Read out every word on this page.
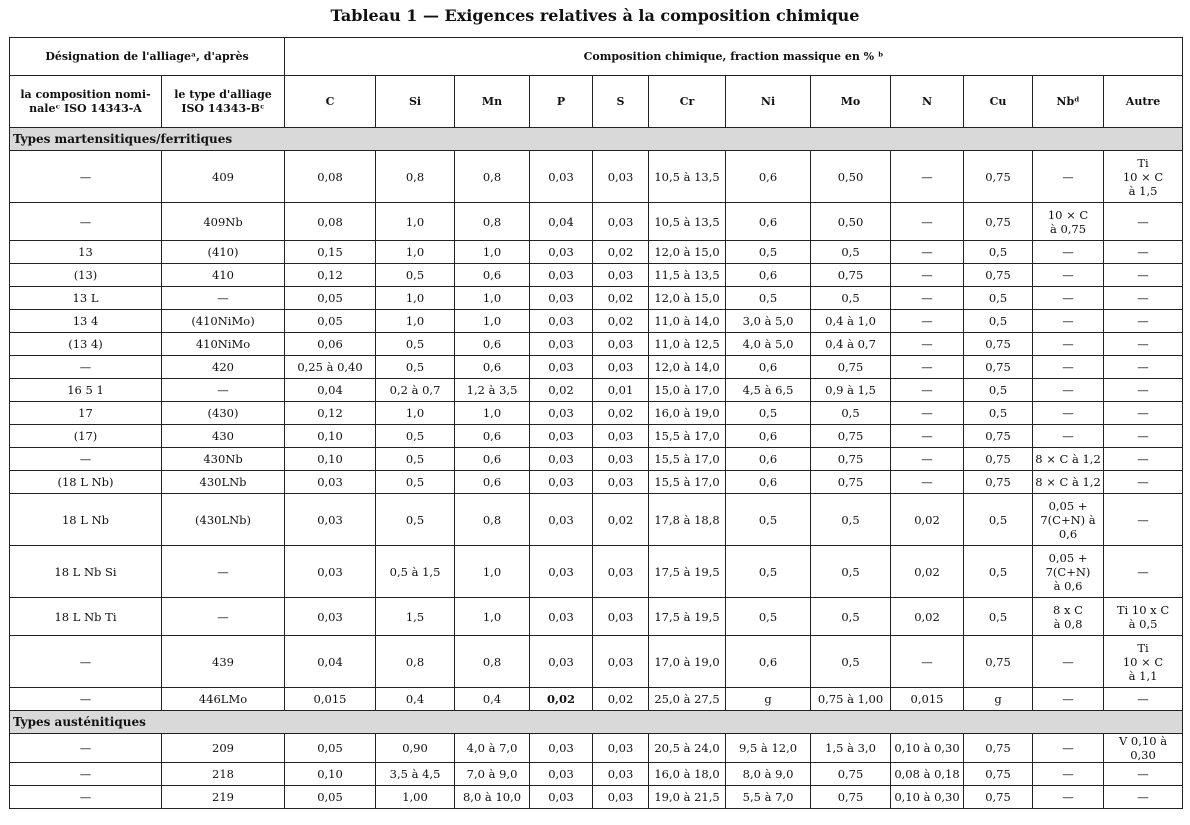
Tableau 1 — Exigences relatives à la composition chimique
Désignation de l'alliageᵃ, d'après		Composition chimique, fraction massique en % ᵇ											
la composition nominaleᶜ ISO 14343-A	le type d'alliage ISO 14343-Bᶜ	C	Si	Mn	P	S	Cr	Ni	Mo	N	Cu	Nbᵈ	Autre
Types martensitiques/ferritiques													
—	409	0,08	0,8	0,8	0,03	0,03	10,5 à 13,5	0,6	0,50	—	0,75	—	Ti
10 × C
à 1,5
—	409Nb	0,08	1,0	0,8	0,04	0,03	10,5 à 13,5	0,6	0,50	—	0,75	10 × C
à 0,75	—
13	(410)	0,15	1,0	1,0	0,03	0,02	12,0 à 15,0	0,5	0,5	—	0,5	—	—
(13)	410	0,12	0,5	0,6	0,03	0,03	11,5 à 13,5	0,6	0,75	—	0,75	—	—
13 L	—	0,05	1,0	1,0	0,03	0,02	12,0 à 15,0	0,5	0,5	—	0,5	—	—
13 4	(410NiMo)	0,05	1,0	1,0	0,03	0,02	11,0 à 14,0	3,0 à 5,0	0,4 à 1,0	—	0,5	—	—
(13 4)	410NiMo	0,06	0,5	0,6	0,03	0,03	11,0 à 12,5	4,0 à 5,0	0,4 à 0,7	—	0,75	—	—
—	420	0,25 à 0,40	0,5	0,6	0,03	0,03	12,0 à 14,0	0,6	0,75	—	0,75	—	—
16 5 1	—	0,04	0,2 à 0,7	1,2 à 3,5	0,02	0,01	15,0 à 17,0	4,5 à 6,5	0,9 à 1,5	—	0,5	—	—
17	(430)	0,12	1,0	1,0	0,03	0,02	16,0 à 19,0	0,5	0,5	—	0,5	—	—
(17)	430	0,10	0,5	0,6	0,03	0,03	15,5 à 17,0	0,6	0,75	—	0,75	—	—
—	430Nb	0,10	0,5	0,6	0,03	0,03	15,5 à 17,0	0,6	0,75	—	0,75	8 × C à 1,2	—
(18 L Nb)	430LNb	0,03	0,5	0,6	0,03	0,03	15,5 à 17,0	0,6	0,75	—	0,75	8 × C à 1,2	—
18 L Nb	(430LNb)	0,03	0,5	0,8	0,03	0,02	17,8 à 18,8	0,5	0,5	0,02	0,5	0,05 +
7(C+N) à
0,6	—
18 L Nb Si	—	0,03	0,5 à 1,5	1,0	0,03	0,03	17,5 à 19,5	0,5	0,5	0,02	0,5	0,05 +
7(C+N)
à 0,6	—
18 L Nb Ti	—	0,03	1,5	1,0	0,03	0,03	17,5 à 19,5	0,5	0,5	0,02	0,5	8 x C
à 0,8	Ti 10 x C
à 0,5
—	439	0,04	0,8	0,8	0,03	0,03	17,0 à 19,0	0,6	0,5	—	0,75	—	Ti
10 × C
à 1,1
—	446LMo	0,015	0,4	0,4	0,02	0,02	25,0 à 27,5	g	0,75 à 1,00	0,015	g	—	—
Types austénitiques													
—	209	0,05	0,90	4,0 à 7,0	0,03	0,03	20,5 à 24,0	9,5 à 12,0	1,5 à 3,0	0,10 à 0,30	0,75	—	V 0,10 à 0,30
—	218	0,10	3,5 à 4,5	7,0 à 9,0	0,03	0,03	16,0 à 18,0	8,0 à 9,0	0,75	0,08 à 0,18	0,75	—	—
—	219	0,05	1,00	8,0 à 10,0	0,03	0,03	19,0 à 21,5	5,5 à 7,0	0,75	0,10 à 0,30	0,75	—	—
